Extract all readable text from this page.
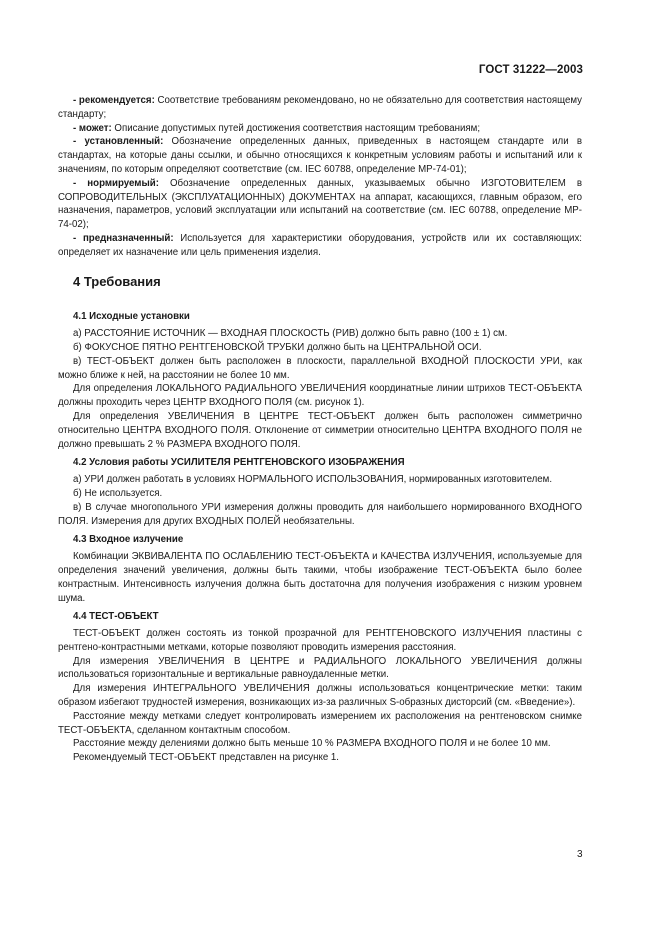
ГОСТ 31222—2003

- рекомендуется: Соответствие требованиям рекомендовано, но не обязательно для соответствия настоящему стандарту;

- может: Описание допустимых путей достижения соответствия настоящим требованиям;

- установленный: Обозначение определенных данных, приведенных в настоящем стандарте или в стандартах, на которые даны ссылки, и обычно относящихся к конкретным условиям работы и испытаний или к значениям, по которым определяют соответствие (см. IEC 60788, определение MP-74-01);

- нормируемый: Обозначение определенных данных, указываемых обычно ИЗГОТОВИТЕЛЕМ в СОПРОВОДИТЕЛЬНЫХ (ЭКСПЛУАТАЦИОННЫХ) ДОКУМЕНТАХ на аппарат, касающихся, главным образом, его назначения, параметров, условий эксплуатации или испытаний на соответствие (см. IEC 60788, определение MP-74-02);

- предназначенный: Используется для характеристики оборудования, устройств или их составляющих: определяет их назначение или цель применения изделия.

4 Требования
4.1 Исходные установки

а) РАССТОЯНИЕ ИСТОЧНИК — ВХОДНАЯ ПЛОСКОСТЬ (РИВ) должно быть равно (100 ± 1) см.

б) ФОКУСНОЕ ПЯТНО РЕНТГЕНОВСКОЙ ТРУБКИ должно быть на ЦЕНТРАЛЬНОЙ ОСИ.

в) ТЕСТ-ОБЪЕКТ должен быть расположен в плоскости, параллельной ВХОДНОЙ ПЛОСКОСТИ УРИ, как можно ближе к ней, на расстоянии не более 10 мм.

Для определения ЛОКАЛЬНОГО РАДИАЛЬНОГО УВЕЛИЧЕНИЯ координатные линии штрихов ТЕСТ-ОБЪЕКТА должны проходить через ЦЕНТР ВХОДНОГО ПОЛЯ (см. рисунок 1).

Для определения УВЕЛИЧЕНИЯ В ЦЕНТРЕ ТЕСТ-ОБЪЕКТ должен быть расположен симметрично относительно ЦЕНТРА ВХОДНОГО ПОЛЯ. Отклонение от симметрии относительно ЦЕНТРА ВХОДНОГО ПОЛЯ не должно превышать 2 % РАЗМЕРА ВХОДНОГО ПОЛЯ.

4.2 Условия работы УСИЛИТЕЛЯ РЕНТГЕНОВСКОГО ИЗОБРАЖЕНИЯ

а) УРИ должен работать в условиях НОРМАЛЬНОГО ИСПОЛЬЗОВАНИЯ, нормированных изготовителем.

б) Не используется.

в) В случае многопольного УРИ измерения должны проводить для наибольшего нормированного ВХОДНОГО ПОЛЯ. Измерения для других ВХОДНЫХ ПОЛЕЙ необязательны.

4.3 Входное излучение

Комбинации ЭКВИВАЛЕНТА ПО ОСЛАБЛЕНИЮ ТЕСТ-ОБЪЕКТА и КАЧЕСТВА ИЗЛУЧЕНИЯ, используемые для определения значений увеличения, должны быть такими, чтобы изображение ТЕСТ-ОБЪЕКТА было более контрастным. Интенсивность излучения должна быть достаточна для получения изображения с низким уровнем шума.

4.4 ТЕСТ-ОБЪЕКТ

ТЕСТ-ОБЪЕКТ должен состоять из тонкой прозрачной для РЕНТГЕНОВСКОГО ИЗЛУЧЕНИЯ пластины с рентгено-контрастными метками, которые позволяют проводить измерения расстояния.

Для измерения УВЕЛИЧЕНИЯ В ЦЕНТРЕ и РАДИАЛЬНОГО ЛОКАЛЬНОГО УВЕЛИЧЕНИЯ должны использоваться горизонтальные и вертикальные равноудаленные метки.

Для измерения ИНТЕГРАЛЬНОГО УВЕЛИЧЕНИЯ должны использоваться концентрические метки: таким образом избегают трудностей измерения, возникающих из-за различных S-образных дисторсий (см. «Введение»).

Расстояние между метками следует контролировать измерением их расположения на рентгеновском снимке ТЕСТ-ОБЪЕКТА, сделанном контактным способом.

Расстояние между делениями должно быть меньше 10 % РАЗМЕРА ВХОДНОГО ПОЛЯ и не более 10 мм.

Рекомендуемый ТЕСТ-ОБЪЕКТ представлен на рисунке 1.

3
